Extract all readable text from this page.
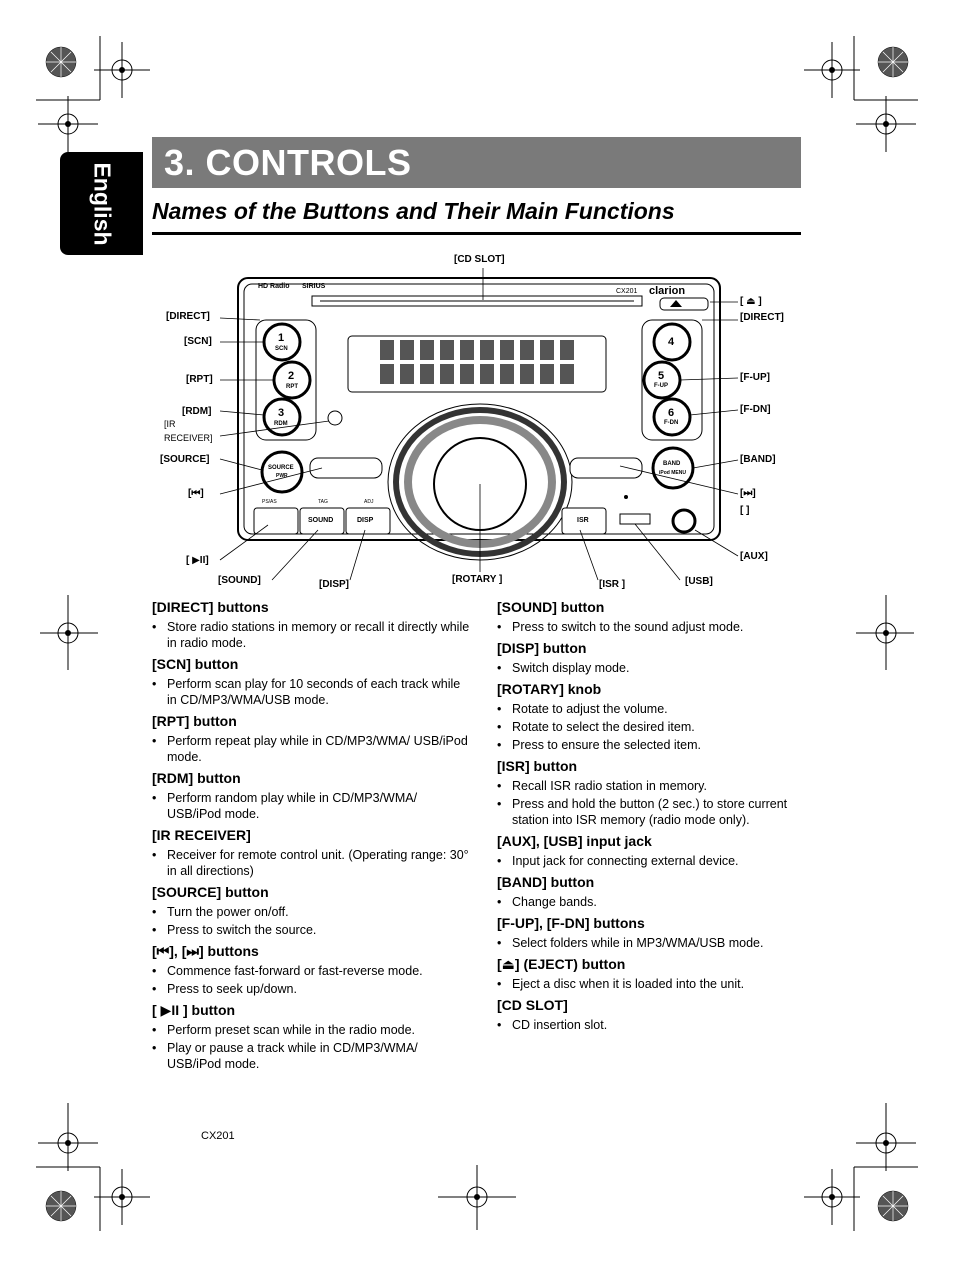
English 3. CONTROLS
Names of the Buttons and Their Main Functions
clarion
CX201
HD Radio SIRIUS
1
SCN
2
RPT
3
RDM
4
5
F-UP
6
F-DN
SOURCE
PWR
BAND
iPod MENU
SOUND	DISP	ISR
PS/AS	TAG	ADJ
[CD SLOT]
[ ⏏ ]
[DIRECT]	[DIRECT]
[SCN]
[RPT]
[RDM]
[IR
RECEIVER]
[SOURCE]
[⏮]
[ ▶II]
[SOUND]	[DISP]	[ROTARY ]	[ISR ]	[USB]
[AUX]
[BAND]
[⏭]
[ ]
[F-UP]
[F-DN]

[DIRECT] buttons

• Store radio stations in memory or recall it directly while in radio mode.

[SCN] button

• Perform scan play for 10 seconds of each track while in CD/MP3/WMA/USB mode.

[RPT] button

• Perform repeat play while in CD/MP3/WMA/ USB/iPod mode.

[RDM] button

• Perform random play while in CD/MP3/WMA/ USB/iPod mode.

[IR RECEIVER]

• Receiver for remote control unit. (Operating range: 30° in all directions)

[SOURCE] button

• Turn the power on/off.
• Press to switch the source.

[⏮], [⏭] buttons

• Commence fast-forward or fast-reverse mode.
• Press to seek up/down.

[ ▶II ] button

• Perform preset scan while in the radio mode.
• Play or pause a track while in CD/MP3/WMA/ USB/iPod mode.

[SOUND] button

• Press to switch to the sound adjust mode.

[DISP] button

• Switch display mode.

[ROTARY] knob

• Rotate to adjust the volume.
• Rotate to select the desired item.
• Press to ensure the selected item.

[ISR] button

• Recall ISR radio station in memory.
• Press and hold the button (2 sec.) to store current station into ISR memory (radio mode only).

[AUX], [USB] input jack

• Input jack for connecting external device.

[BAND] button

• Change bands.

[F-UP], [F-DN] buttons

• Select folders while in MP3/WMA/USB mode.

[⏏] (EJECT) button

• Eject a disc when it is loaded into the unit.

[CD SLOT]

• CD insertion slot.
CX201
